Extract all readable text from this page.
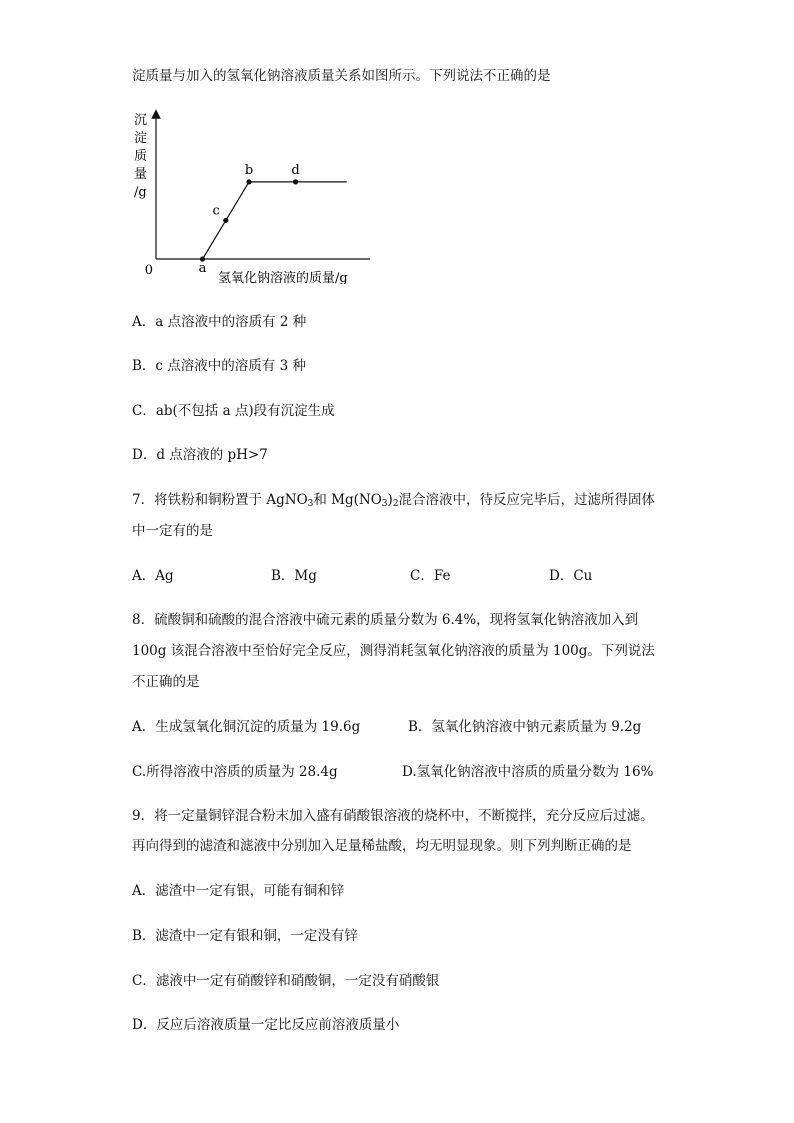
淀质量与加入的氢氧化钠溶液质量关系如图所示。下列说法不正确的是
沉
淀
质
量
/g
0
氢氧化钠溶液的质量/g
a
c
b	d
A．a 点溶液中的溶质有 2 种
B．c 点溶液中的溶质有 3 种
C．ab(不包括 a 点)段有沉淀生成
D．d 点溶液的 pH>7
7．将铁粉和铜粉置于 AgNO$_3$和 $Mg(NO_3)_2$混合溶液中，待反应完毕后，过滤所得固体
中一定有的是
A．Ag	B．Mg	C．Fe	D．Cu
8．硫酸铜和硫酸的混合溶液中硫元素的质量分数为 6.4%，现将氢氧化钠溶液加入到
100g 该混合溶液中至恰好完全反应，测得消耗氢氧化钠溶液的质量为 100g。下列说法
不正确的是
A．生成氢氧化铜沉淀的质量为 19.6g	B．氢氧化钠溶液中钠元素质量为 9.2g
C.所得溶液中溶质的质量为 28.4g	D.氢氧化钠溶液中溶质的质量分数为 16%
9．将一定量铜锌混合粉末加入盛有硝酸银溶液的烧杯中，不断搅拌，充分反应后过滤。
再向得到的滤渣和滤液中分别加入足量稀盐酸，均无明显现象。则下列判断正确的是
A．滤渣中一定有银，可能有铜和锌
B．滤渣中一定有银和铜，一定没有锌
C．滤液中一定有硝酸锌和硝酸铜，一定没有硝酸银
D．反应后溶液质量一定比反应前溶液质量小
